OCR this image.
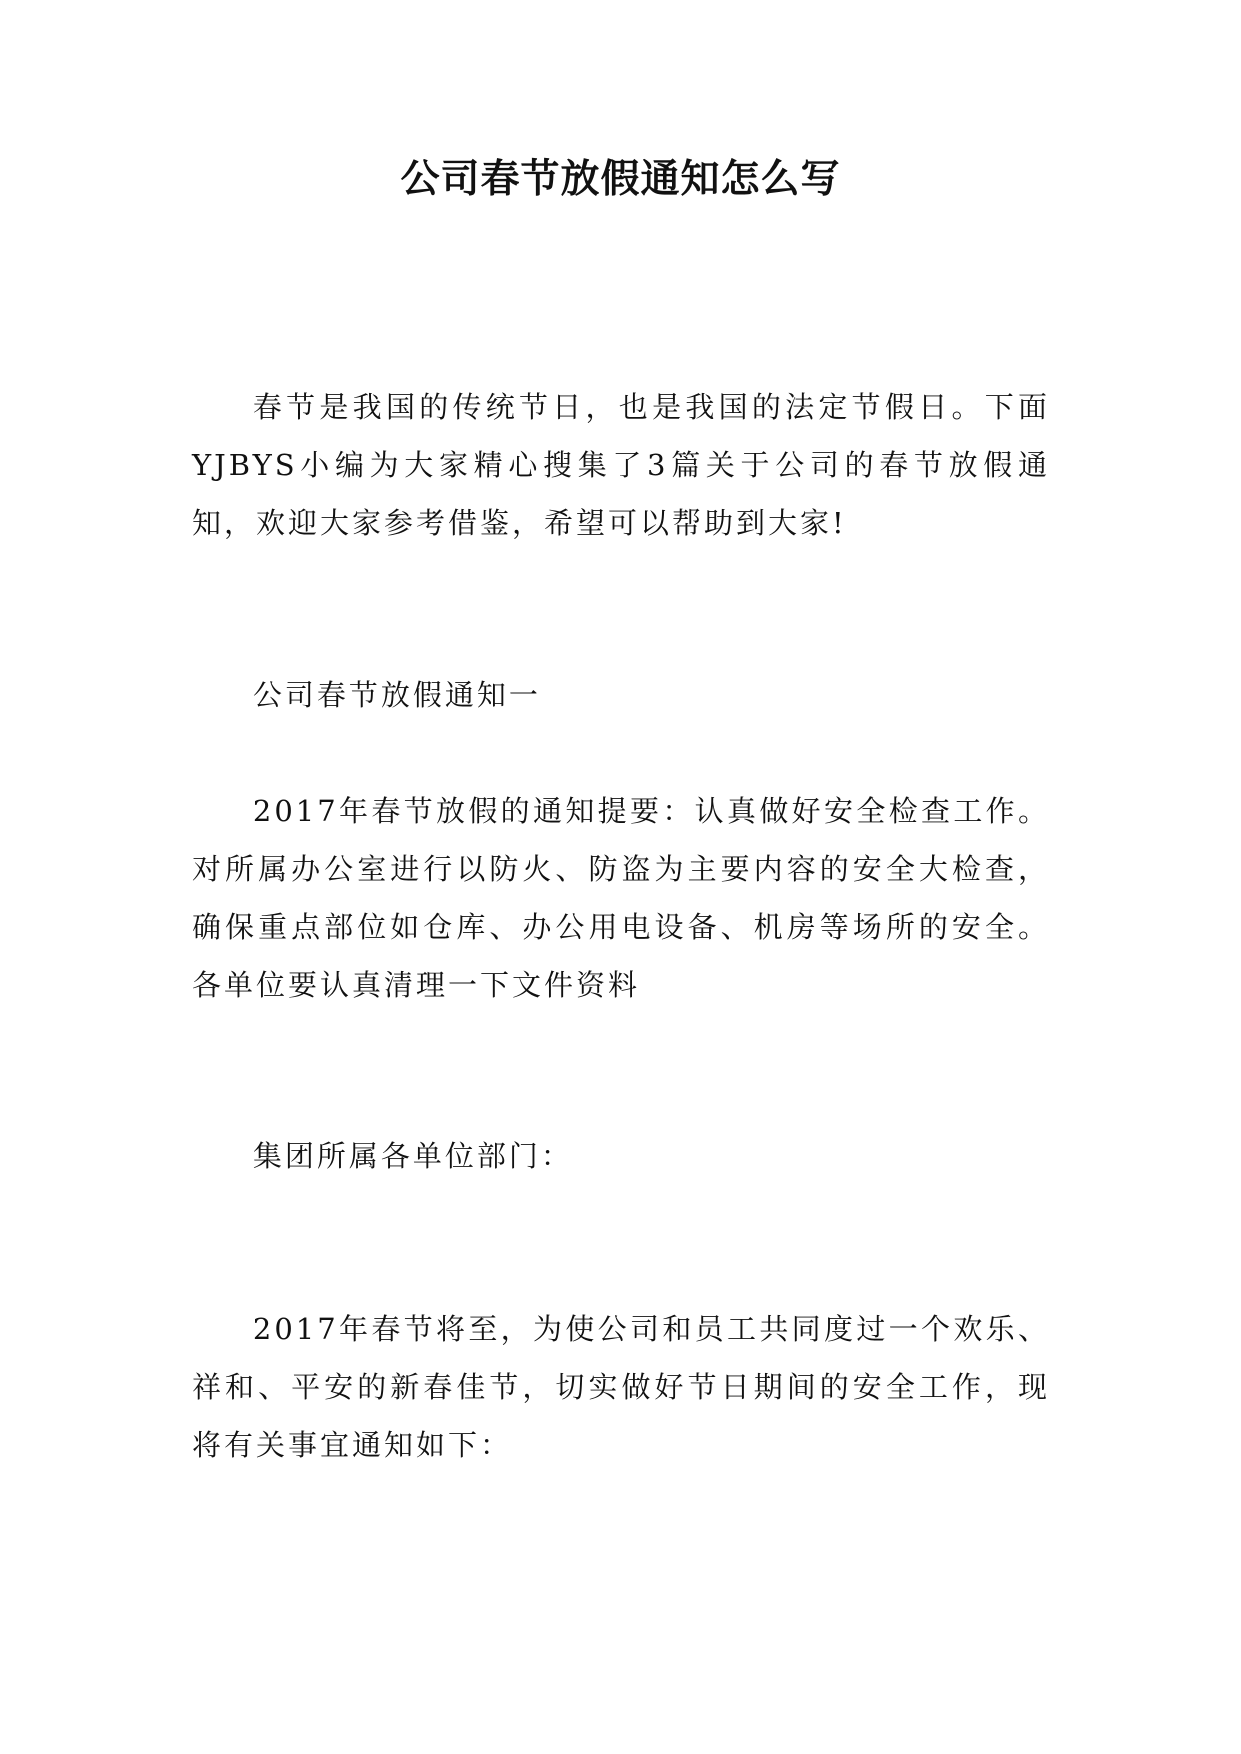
公司春节放假通知怎么写

春节是我国的传统节日，也是我国的法定节假日。下面YJBYS小编为大家精心搜集了3篇关于公司的春节放假通知，欢迎大家参考借鉴，希望可以帮助到大家!

公司春节放假通知一

2017年春节放假的通知提要：认真做好安全检查工作。对所属办公室进行以防火、防盗为主要内容的安全大检查，确保重点部位如仓库、办公用电设备、机房等场所的安全。各单位要认真清理一下文件资料

集团所属各单位部门：

2017年春节将至，为使公司和员工共同度过一个欢乐、祥和、平安的新春佳节，切实做好节日期间的安全工作，现将有关事宜通知如下：
